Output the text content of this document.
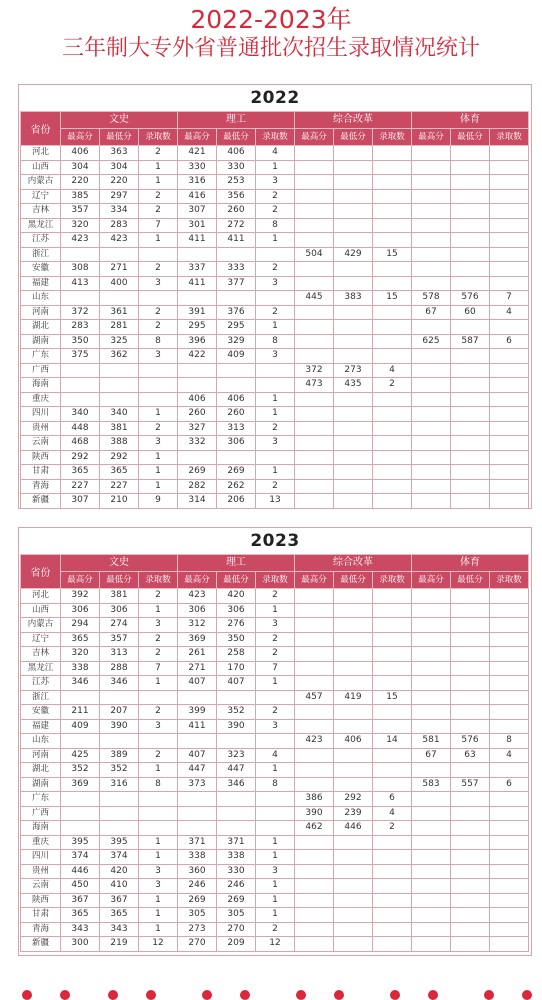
2022-2023年
三年制大专外省普通批次招生录取情况统计
2022
省份	文史			理工			综合改革			体育		
	最高分	最低分	录取数	最高分	最低分	录取数	最高分	最低分	录取数	最高分	最低分	录取数
河北	406	363	2	421	406	4						
山西	304	304	1	330	330	1						
内蒙古	220	220	1	316	253	3						
辽宁	385	297	2	416	356	2						
吉林	357	334	2	307	260	2						
黑龙江	320	283	7	301	272	8						
江苏	423	423	1	411	411	1						
浙江							504	429	15			
安徽	308	271	2	337	333	2						
福建	413	400	3	411	377	3						
山东							445	383	15	578	576	7
河南	372	361	2	391	376	2				67	60	4
湖北	283	281	2	295	295	1						
湖南	350	325	8	396	329	8				625	587	6
广东	375	362	3	422	409	3						
广西							372	273	4			
海南							473	435	2			
重庆				406	406	1						
四川	340	340	1	260	260	1						
贵州	448	381	2	327	313	2						
云南	468	388	3	332	306	3						
陕西	292	292	1									
甘肃	365	365	1	269	269	1						
青海	227	227	1	282	262	2						
新疆	307	210	9	314	206	13						
2023
省份	文史			理工			综合改革			体育		
	最高分	最低分	录取数	最高分	最低分	录取数	最高分	最低分	录取数	最高分	最低分	录取数
河北	392	381	2	423	420	2						
山西	306	306	1	306	306	1						
内蒙古	294	274	3	312	276	3						
辽宁	365	357	2	369	350	2						
吉林	320	313	2	261	258	2						
黑龙江	338	288	7	271	170	7						
江苏	346	346	1	407	407	1						
浙江							457	419	15			
安徽	211	207	2	399	352	2						
福建	409	390	3	411	390	3						
山东							423	406	14	581	576	8
河南	425	389	2	407	323	4				67	63	4
湖北	352	352	1	447	447	1						
湖南	369	316	8	373	346	8				583	557	6
广东							386	292	6			
广西							390	239	4			
海南							462	446	2			
重庆	395	395	1	371	371	1						
四川	374	374	1	338	338	1						
贵州	446	420	3	360	330	3						
云南	450	410	3	246	246	1						
陕西	367	367	1	269	269	1						
甘肃	365	365	1	305	305	1						
青海	343	343	1	273	270	2						
新疆	300	219	12	270	209	12						
